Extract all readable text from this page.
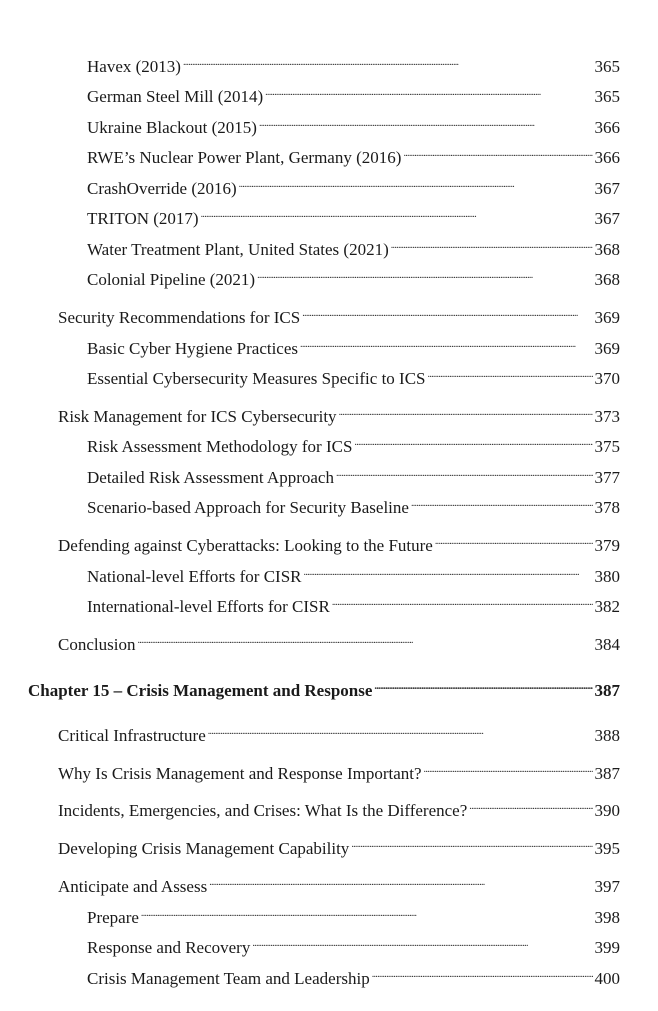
Havex (2013) . . .	365
German Steel Mill (2014) . . .	365
Ukraine Blackout (2015) . . .	366
RWE’s Nuclear Power Plant, Germany (2016) . . .	366
CrashOverride (2016) . . .	367
TRITON (2017) . . .	367
Water Treatment Plant, United States (2021) . . .	368
Colonial Pipeline (2021) . . .	368
Security Recommendations for ICS . . .	369
Basic Cyber Hygiene Practices . . .	369
Essential Cybersecurity Measures Specific to ICS . . .	370
Risk Management for ICS Cybersecurity . . .	373
Risk Assessment Methodology for ICS . . .	375
Detailed Risk Assessment Approach . . .	377
Scenario-based Approach for Security Baseline . . .	378
Defending against Cyberattacks: Looking to the Future . . .	379
National-level Efforts for CISR . . .	380
International-level Efforts for CISR . . .	382
Conclusion . . .	384
Chapter 15 – Crisis Management and Response . . .	387
Critical Infrastructure . . .	388
Why Is Crisis Management and Response Important? . . .	387
Incidents, Emergencies, and Crises: What Is the Difference? . . .	390
Developing Crisis Management Capability . . .	395
Anticipate and Assess . . .	397
Prepare . . .	398
Response and Recovery . . .	399
Crisis Management Team and Leadership . . .	400
